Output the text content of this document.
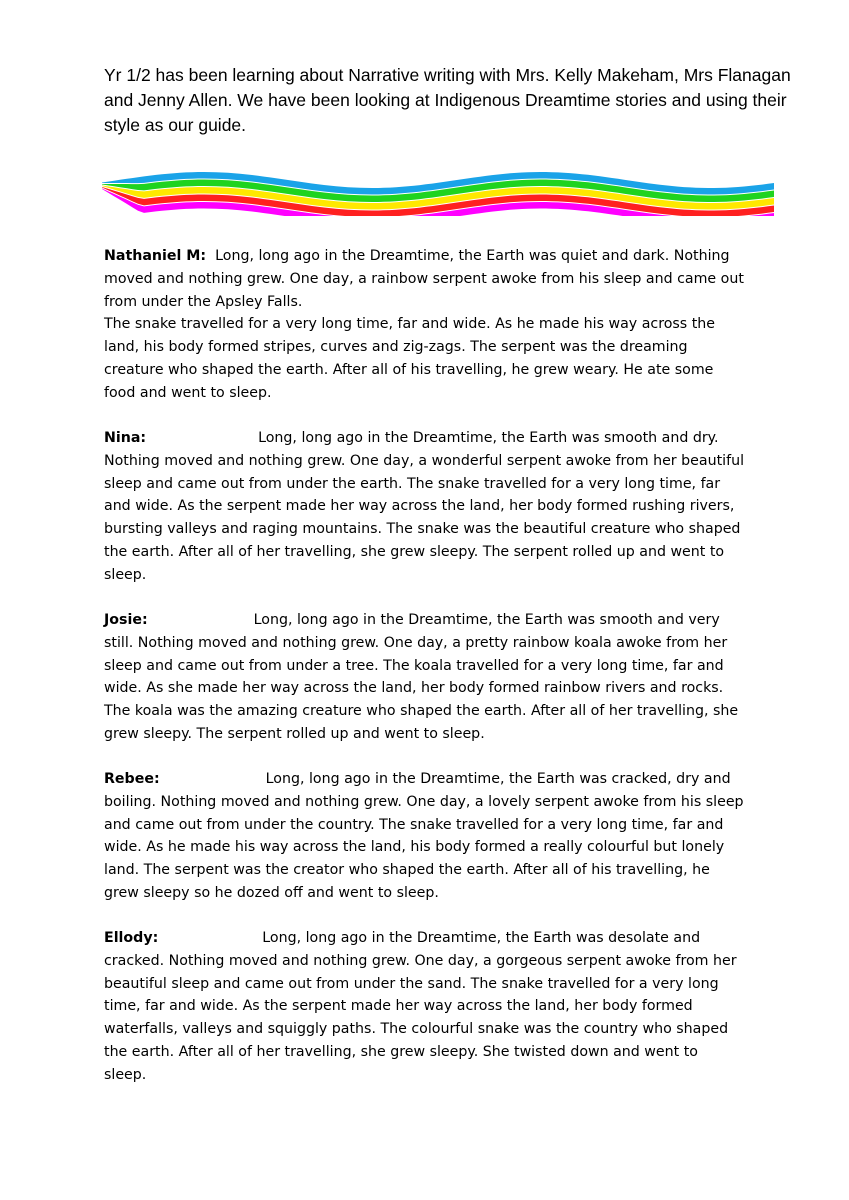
Yr 1/2 has been learning about Narrative writing with Mrs. Kelly Makeham, Mrs Flanagan and Jenny Allen. We have been looking at Indigenous Dreamtime stories and using their style as our guide.

Nathaniel M: Long, long ago in the Dreamtime, the Earth was quiet and dark. Nothing moved and nothing grew. One day, a rainbow serpent awoke from his sleep and came out from under the Apsley Falls.
The snake travelled for a very long time, far and wide. As he made his way across the land, his body formed stripes, curves and zig-zags. The serpent was the dreaming creature who shaped the earth. After all of his travelling, he grew weary. He ate some food and went to sleep.
Nina:	Long, long ago in the Dreamtime, the Earth was smooth and dry. Nothing moved and nothing grew. One day, a wonderful serpent awoke from her beautiful sleep and came out from under the earth. The snake travelled for a very long time, far and wide. As the serpent made her way across the land, her body formed rushing rivers, bursting valleys and raging mountains. The snake was the beautiful creature who shaped the earth. After all of her travelling, she grew sleepy. The serpent rolled up and went to sleep.
Josie:	Long, long ago in the Dreamtime, the Earth was smooth and very still. Nothing moved and nothing grew. One day, a pretty rainbow koala awoke from her sleep and came out from under a tree. The koala travelled for a very long time, far and wide. As she made her way across the land, her body formed rainbow rivers and rocks. The koala was the amazing creature who shaped the earth. After all of her travelling, she grew sleepy. The serpent rolled up and went to sleep.
Rebee:	Long, long ago in the Dreamtime, the Earth was cracked, dry and boiling. Nothing moved and nothing grew. One day, a lovely serpent awoke from his sleep and came out from under the country. The snake travelled for a very long time, far and wide. As he made his way across the land, his body formed a really colourful but lonely land. The serpent was the creator who shaped the earth. After all of his travelling, he grew sleepy so he dozed off and went to sleep.
Ellody:	Long, long ago in the Dreamtime, the Earth was desolate and cracked. Nothing moved and nothing grew. One day, a gorgeous serpent awoke from her beautiful sleep and came out from under the sand. The snake travelled for a very long time, far and wide. As the serpent made her way across the land, her body formed waterfalls, valleys and squiggly paths. The colourful snake was the country who shaped the earth. After all of her travelling, she grew sleepy. She twisted down and went to sleep.
